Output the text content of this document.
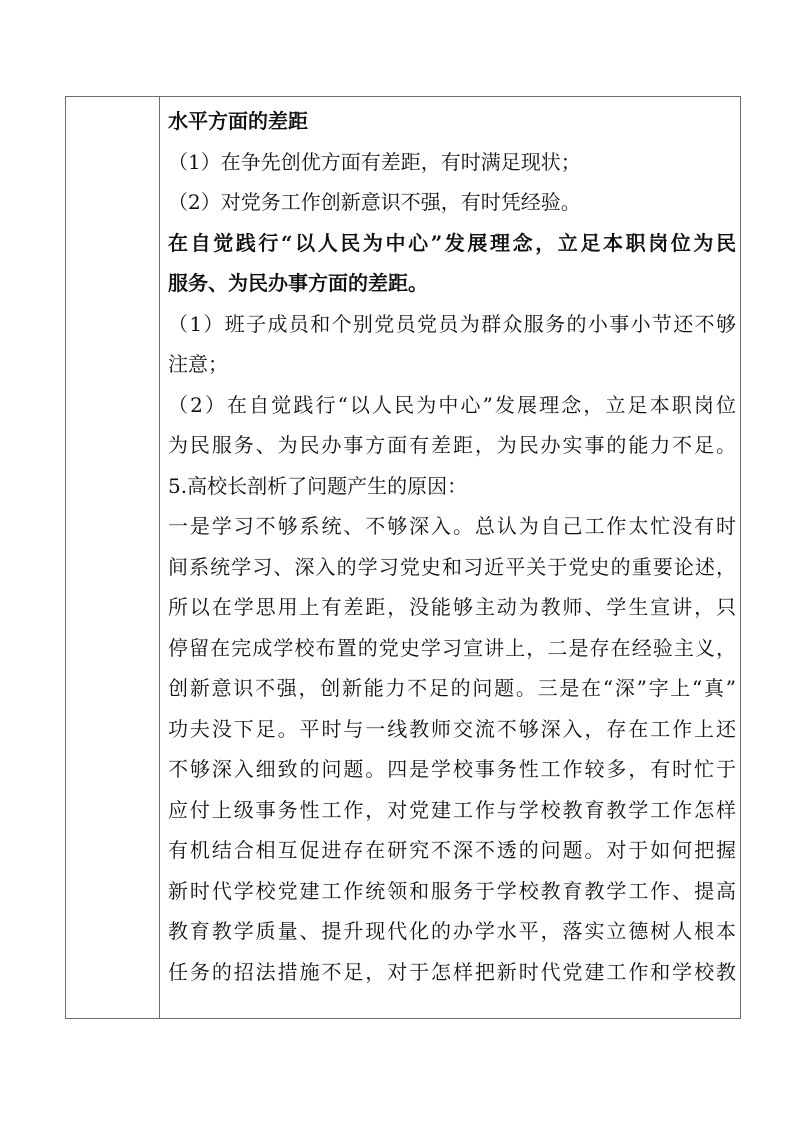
水平方面的差距
（1）在争先创优方面有差距，有时满足现状；
（2）对党务工作创新意识不强，有时凭经验。
在自觉践行“以人民为中心”发展理念，立足本职岗位为民
服务、为民办事方面的差距。
（1）班子成员和个别党员党员为群众服务的小事小节还不够
注意；
（2）在自觉践行“以人民为中心”发展理念，立足本职岗位
为民服务、为民办事方面有差距，为民办实事的能力不足。
5.高校长剖析了问题产生的原因：
一是学习不够系统、不够深入。总认为自己工作太忙没有时
间系统学习、深入的学习党史和习近平关于党史的重要论述，
所以在学思用上有差距，没能够主动为教师、学生宣讲，只
停留在完成学校布置的党史学习宣讲上，二是存在经验主义，
创新意识不强，创新能力不足的问题。三是在“深”字上“真”
功夫没下足。平时与一线教师交流不够深入，存在工作上还
不够深入细致的问题。四是学校事务性工作较多，有时忙于
应付上级事务性工作，对党建工作与学校教育教学工作怎样
有机结合相互促进存在研究不深不透的问题。对于如何把握
新时代学校党建工作统领和服务于学校教育教学工作、提高
教育教学质量、提升现代化的办学水平，落实立德树人根本
任务的招法措施不足，对于怎样把新时代党建工作和学校教
